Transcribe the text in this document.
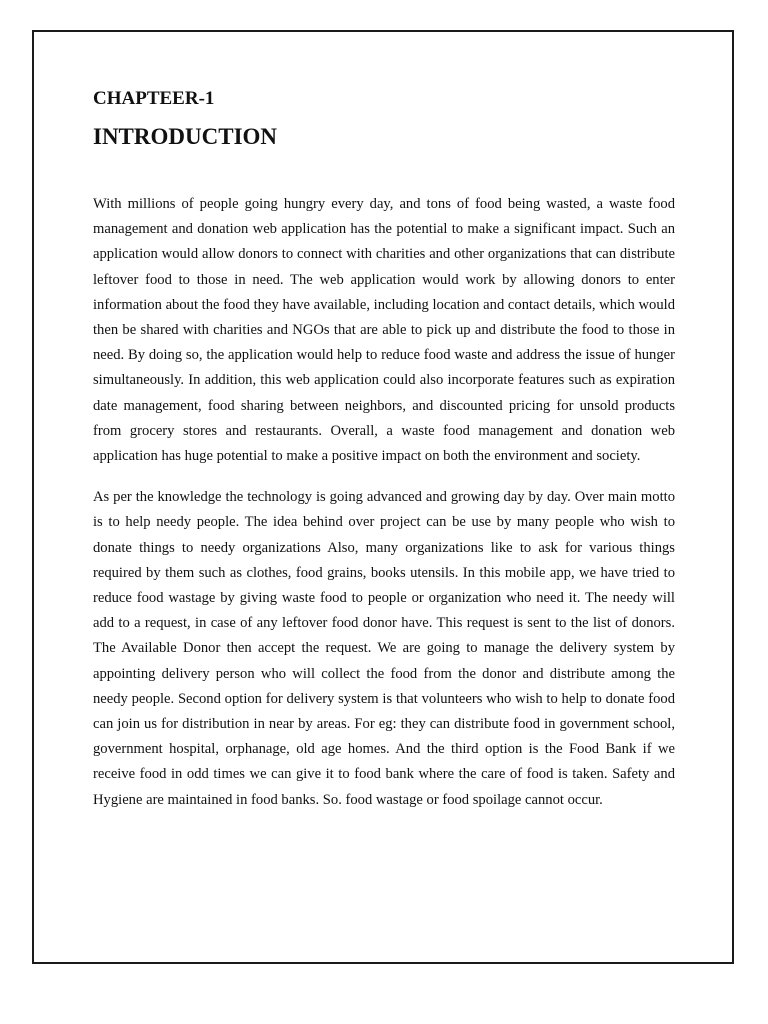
CHAPTEER-1
INTRODUCTION

With millions of people going hungry every day, and tons of food being wasted, a waste food management and donation web application has the potential to make a significant impact. Such an application would allow donors to connect with charities and other organizations that can distribute leftover food to those in need. The web application would work by allowing donors to enter information about the food they have available, including location and contact details, which would then be shared with charities and NGOs that are able to pick up and distribute the food to those in need. By doing so, the application would help to reduce food waste and address the issue of hunger simultaneously. In addition, this web application could also incorporate features such as expiration date management, food sharing between neighbors, and discounted pricing for unsold products from grocery stores and restaurants. Overall, a waste food management and donation web application has huge potential to make a positive impact on both the environment and society.

As per the knowledge the technology is going advanced and growing day by day. Over main motto is to help needy people. The idea behind over project can be use by many people who wish to donate things to needy organizations Also, many organizations like to ask for various things required by them such as clothes, food grains, books utensils. In this mobile app, we have tried to reduce food wastage by giving waste food to people or organization who need it. The needy will add to a request, in case of any leftover food donor have. This request is sent to the list of donors. The Available Donor then accept the request. We are going to manage the delivery system by appointing delivery person who will collect the food from the donor and distribute among the needy people. Second option for delivery system is that volunteers who wish to help to donate food can join us for distribution in near by areas. For eg: they can distribute food in government school, government hospital, orphanage, old age homes. And the third option is the Food Bank if we receive food in odd times we can give it to food bank where the care of food is taken. Safety and Hygiene are maintained in food banks. So. food wastage or food spoilage cannot occur.
